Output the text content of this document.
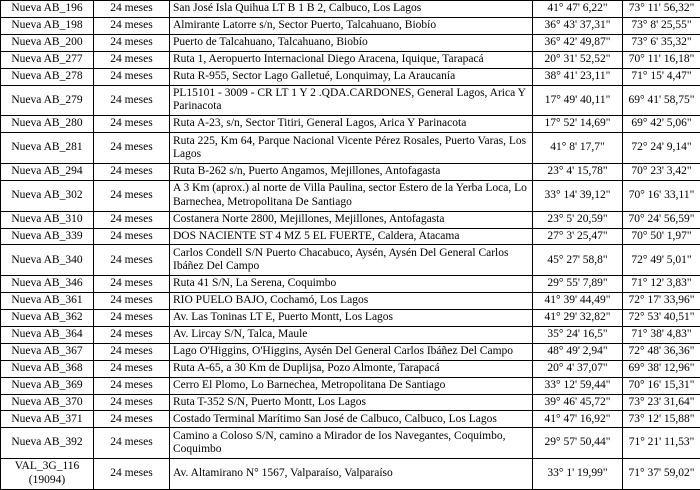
Nueva AB_196	24 meses	San José Isla Quihua LT B 1 B 2, Calbuco, Los Lagos	41° 47' 6,22"	73° 11' 56,32"
Nueva AB_198	24 meses	Almirante Latorre s/n, Sector Puerto, Talcahuano, Biobío	36° 43' 37,31"	73° 8' 25,55"
Nueva AB_200	24 meses	Puerto de Talcahuano, Talcahuano, Biobío	36° 42' 49,87"	73° 6' 35,32"
Nueva AB_277	24 meses	Ruta 1, Aeropuerto Internacional Diego Aracena, Iquique, Tarapacá	20° 31' 52,52"	70° 11' 16,18"
Nueva AB_278	24 meses	Ruta R-955, Sector Lago Galletué, Lonquimay, La Araucanía	38° 41' 23,11"	71° 15' 4,47"
Nueva AB_279	24 meses	PL15101 - 3009 - CR LT 1 Y 2 .QDA.CARDONES, General Lagos, Arica Y Parinacota	17° 49' 40,11"	69° 41' 58,75"
Nueva AB_280	24 meses	Ruta A-23, s/n, Sector Titiri, General Lagos, Arica Y Parinacota	17° 52' 14,69"	69° 42' 5,06"
Nueva AB_281	24 meses	Ruta 225, Km 64, Parque Nacional Vicente Pérez Rosales, Puerto Varas, Los Lagos	41° 8' 17,7"	72° 24' 9,14"
Nueva AB_294	24 meses	Ruta B-262 s/n, Puerto Angamos, Mejillones, Antofagasta	23° 4' 15,78"	70° 23' 3,42"
Nueva AB_302	24 meses	A 3 Km (aprox.) al norte de Villa Paulina, sector Estero de la Yerba Loca, Lo Barnechea, Metropolitana De Santiago	33° 14' 39,12"	70° 16' 33,11"
Nueva AB_310	24 meses	Costanera Norte 2800, Mejillones, Mejillones, Antofagasta	23° 5' 20,59"	70° 24' 56,59"
Nueva AB_339	24 meses	DOS NACIENTE ST 4 MZ 5 EL FUERTE, Caldera, Atacama	27° 3' 25,47"	70° 50' 1,97"
Nueva AB_340	24 meses	Carlos Condell S/N Puerto Chacabuco, Aysén, Aysén Del General Carlos Ibáñez Del Campo	45° 27' 58,8"	72° 49' 5,01"
Nueva AB_346	24 meses	Ruta 41 S/N, La Serena, Coquimbo	29° 55' 7,89"	71° 12' 3,83"
Nueva AB_361	24 meses	RIO PUELO BAJO, Cochamó, Los Lagos	41° 39' 44,49"	72° 17' 33,96"
Nueva AB_362	24 meses	Av. Las Toninas LT E, Puerto Montt, Los Lagos	41° 29' 32,82"	72° 53' 40,51"
Nueva AB_364	24 meses	Av. Lircay S/N, Talca, Maule	35° 24' 16,5"	71° 38' 4,83"
Nueva AB_367	24 meses	Lago O'Higgins, O'Higgins, Aysén Del General Carlos Ibáñez Del Campo	48° 49' 2,94"	72° 48' 36,36"
Nueva AB_368	24 meses	Ruta A-65, a 30 Km de Duplijsa, Pozo Almonte, Tarapacá	20° 4' 37,07"	69° 38' 12,96"
Nueva AB_369	24 meses	Cerro El Plomo, Lo Barnechea, Metropolitana De Santiago	33° 12' 59,44"	70° 16' 15,31"
Nueva AB_370	24 meses	Ruta T-352 S/N, Puerto Montt, Los Lagos	39° 46' 45,72"	73° 23' 31,64"
Nueva AB_371	24 meses	Costado Terminal Marítimo San José de Calbuco, Calbuco, Los Lagos	41° 47' 16,92"	73° 12' 15,88"
Nueva AB_392	24 meses	Camino a Coloso S/N, camino a Mirador de los Navegantes, Coquimbo, Coquimbo	29° 57' 50,44"	71° 21' 11,53"
VAL_3G_116 (19094)	24 meses	Av. Altamirano N° 1567, Valparaíso, Valparaíso	33° 1' 19,99"	71° 37' 59,02"
